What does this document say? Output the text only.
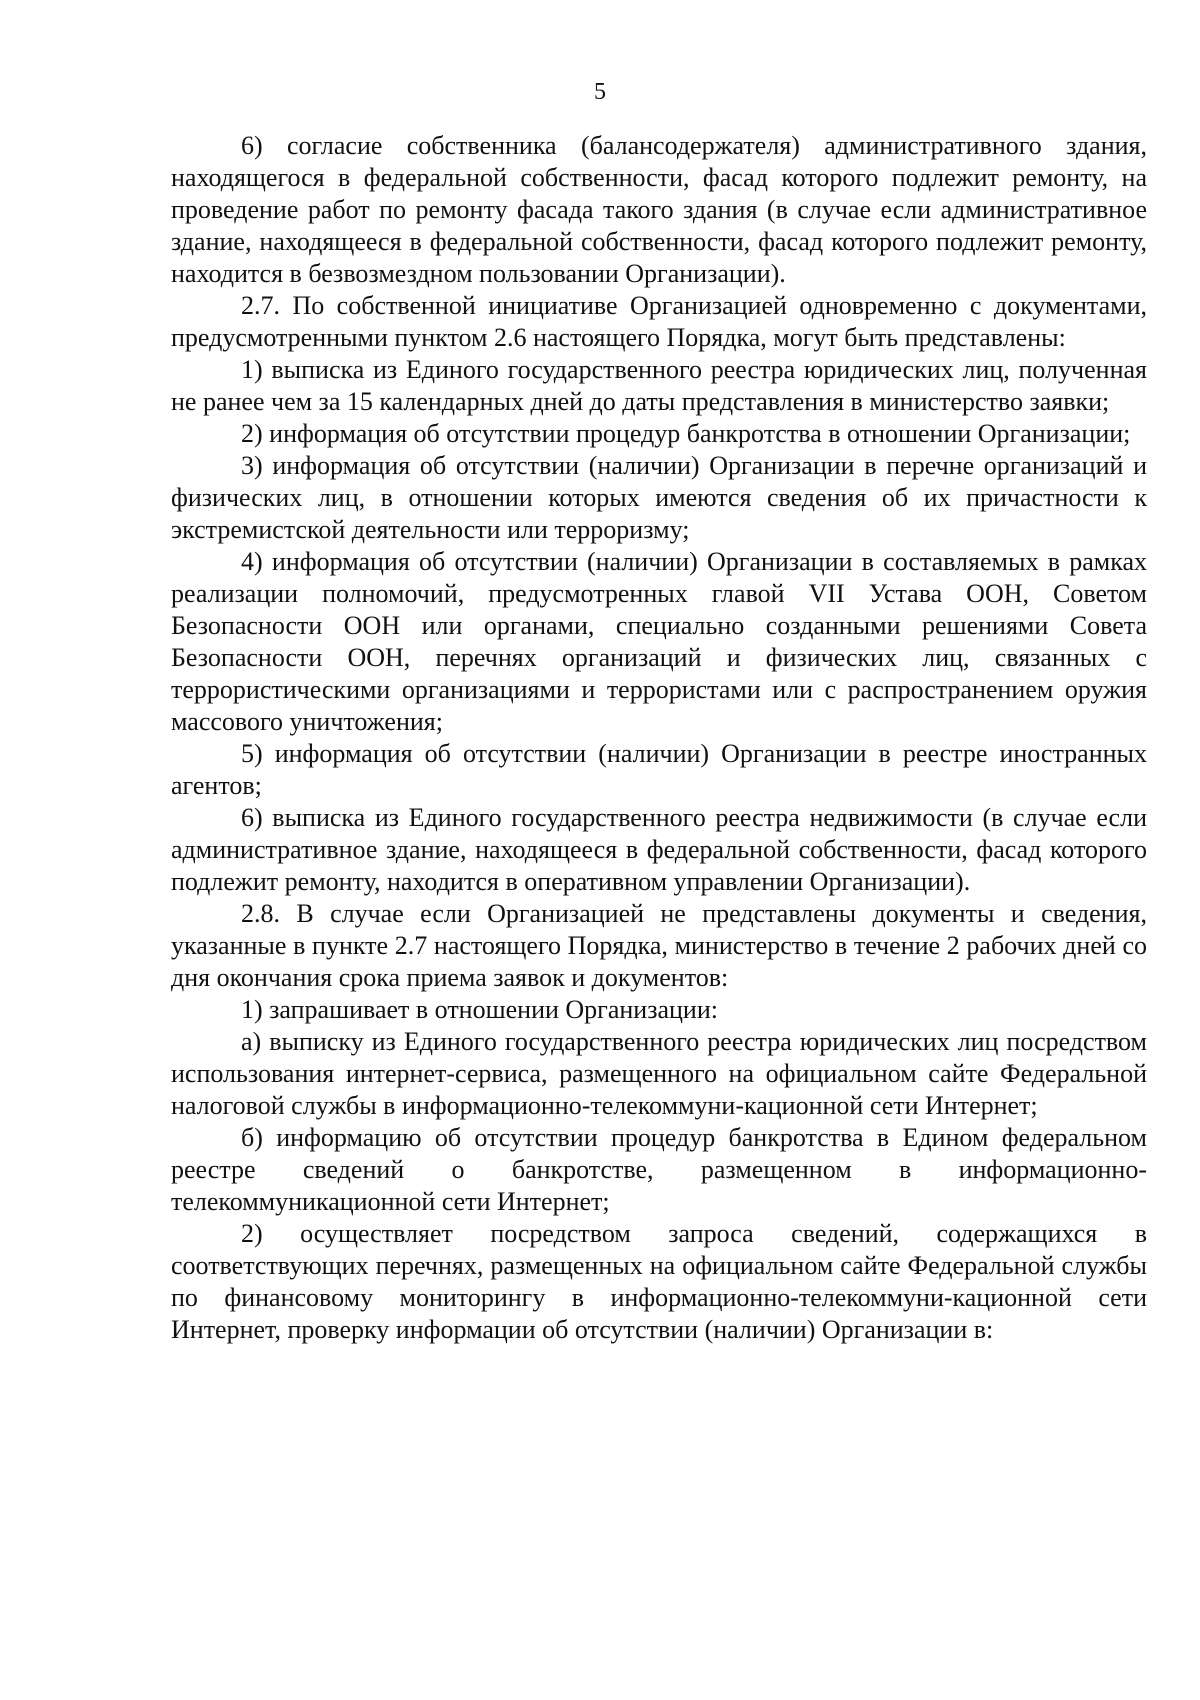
5

6) согласие собственника (балансодержателя) административного здания, находящегося в федеральной собственности, фасад которого подлежит ремонту, на проведение работ по ремонту фасада такого здания (в случае если административное здание, находящееся в федеральной собственности, фасад которого подлежит ремонту, находится в безвозмездном пользовании Организации).

2.7. По собственной инициативе Организацией одновременно с документами, предусмотренными пунктом 2.6 настоящего Порядка, могут быть представлены:

1) выписка из Единого государственного реестра юридических лиц, полученная не ранее чем за 15 календарных дней до даты представления в министерство заявки;

2) информация об отсутствии процедур банкротства в отношении Организации;

3) информация об отсутствии (наличии) Организации в перечне организаций и физических лиц, в отношении которых имеются сведения об их причастности к экстремистской деятельности или терроризму;

4) информация об отсутствии (наличии) Организации в составляемых в рамках реализации полномочий, предусмотренных главой VII Устава ООН, Советом Безопасности ООН или органами, специально созданными решениями Совета Безопасности ООН, перечнях организаций и физических лиц, связанных с террористическими организациями и террористами или с распространением оружия массового уничтожения;

5) информация об отсутствии (наличии) Организации в реестре иностранных агентов;

6) выписка из Единого государственного реестра недвижимости (в случае если административное здание, находящееся в федеральной собственности, фасад которого подлежит ремонту, находится в оперативном управлении Организации).

2.8. В случае если Организацией не представлены документы и сведения, указанные в пункте 2.7 настоящего Порядка, министерство в течение 2 рабочих дней со дня окончания срока приема заявок и документов:

1) запрашивает в отношении Организации:

а) выписку из Единого государственного реестра юридических лиц посредством использования интернет-сервиса, размещенного на официальном сайте Федеральной налоговой службы в информационно-телекоммуни-кационной сети Интернет;

б) информацию об отсутствии процедур банкротства в Едином федеральном реестре сведений о банкротстве, размещенном в информационно-телекоммуникационной сети Интернет;

2) осуществляет посредством запроса сведений, содержащихся в соответствующих перечнях, размещенных на официальном сайте Федеральной службы по финансовому мониторингу в информационно-телекоммуни-кационной сети Интернет, проверку информации об отсутствии (наличии) Организации в:
